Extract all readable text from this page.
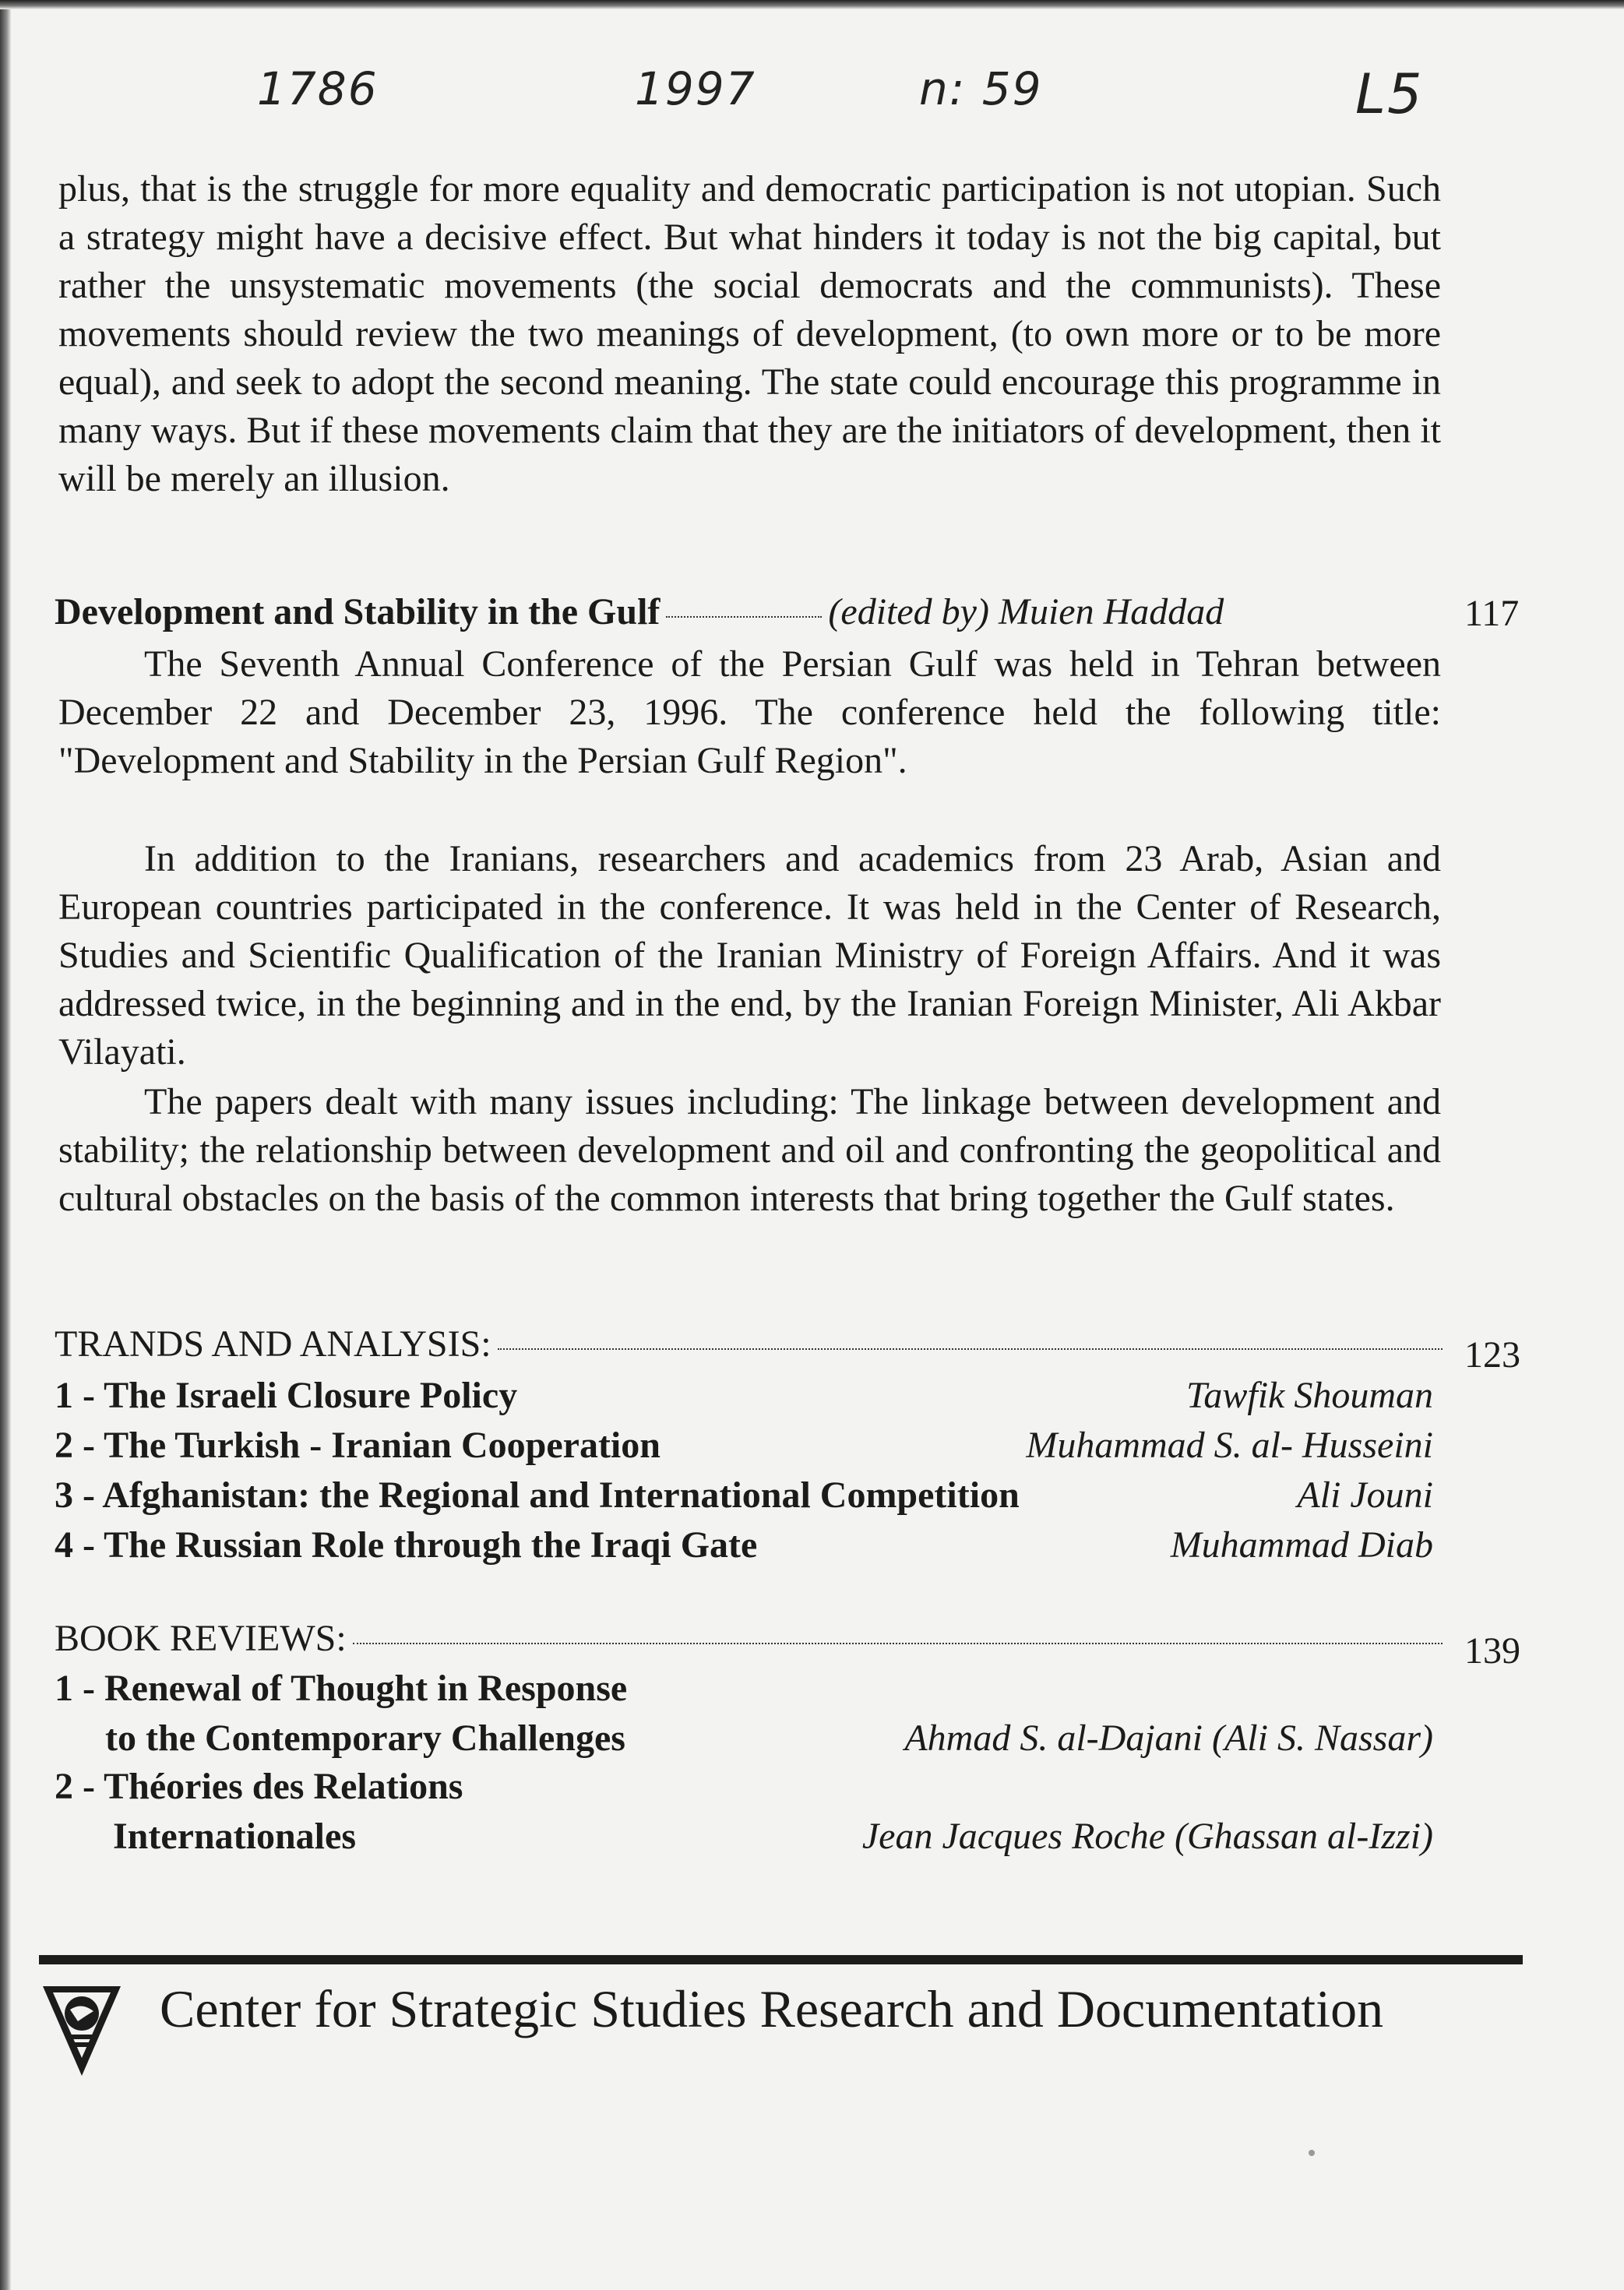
1786	1997	n: 59	L5

plus, that is the struggle for more equality and democratic participation is not utopian. Such a strategy might have a decisive effect. But what hinders it today is not the big capital, but rather the unsystematic movements (the social democrats and the communists). These movements should review the two meanings of development, (to own more or to be more equal), and seek to adopt the second meaning. The state could encourage this programme in many ways. But if these movements claim that they are the initiators of development, then it will be merely an illusion.

Development and Stability in the Gulf	(edited by) Muien Haddad	117

The Seventh Annual Conference of the Persian Gulf was held in Tehran between December 22 and December 23, 1996. The conference held the following title: "Development and Stability in the Persian Gulf Region".

In addition to the Iranians, researchers and academics from 23 Arab, Asian and European countries participated in the conference. It was held in the Center of Research, Studies and Scientific Qualification of the Iranian Ministry of Foreign Affairs. And it was addressed twice, in the beginning and in the end, by the Iranian Foreign Minister, Ali Akbar Vilayati.

The papers dealt with many issues including: The linkage between development and stability; the relationship between development and oil and confronting the geopolitical and cultural obstacles on the basis of the common interests that bring together the Gulf states.

TRANDS AND ANALYSIS:	123
1 - The Israeli Closure Policy	Tawfik Shouman
2 - The Turkish - Iranian Cooperation	Muhammad S. al- Husseini
3 - Afghanistan: the Regional and International Competition	Ali Jouni
4 - The Russian Role through the Iraqi Gate	Muhammad Diab
BOOK REVIEWS:	139
1 - Renewal of Thought in Response
to the Contemporary Challenges	Ahmad S. al-Dajani (Ali S. Nassar)
2 - Théories des Relations
Internationales	Jean Jacques Roche (Ghassan al-Izzi)
Center for Strategic Studies Research and Documentation
